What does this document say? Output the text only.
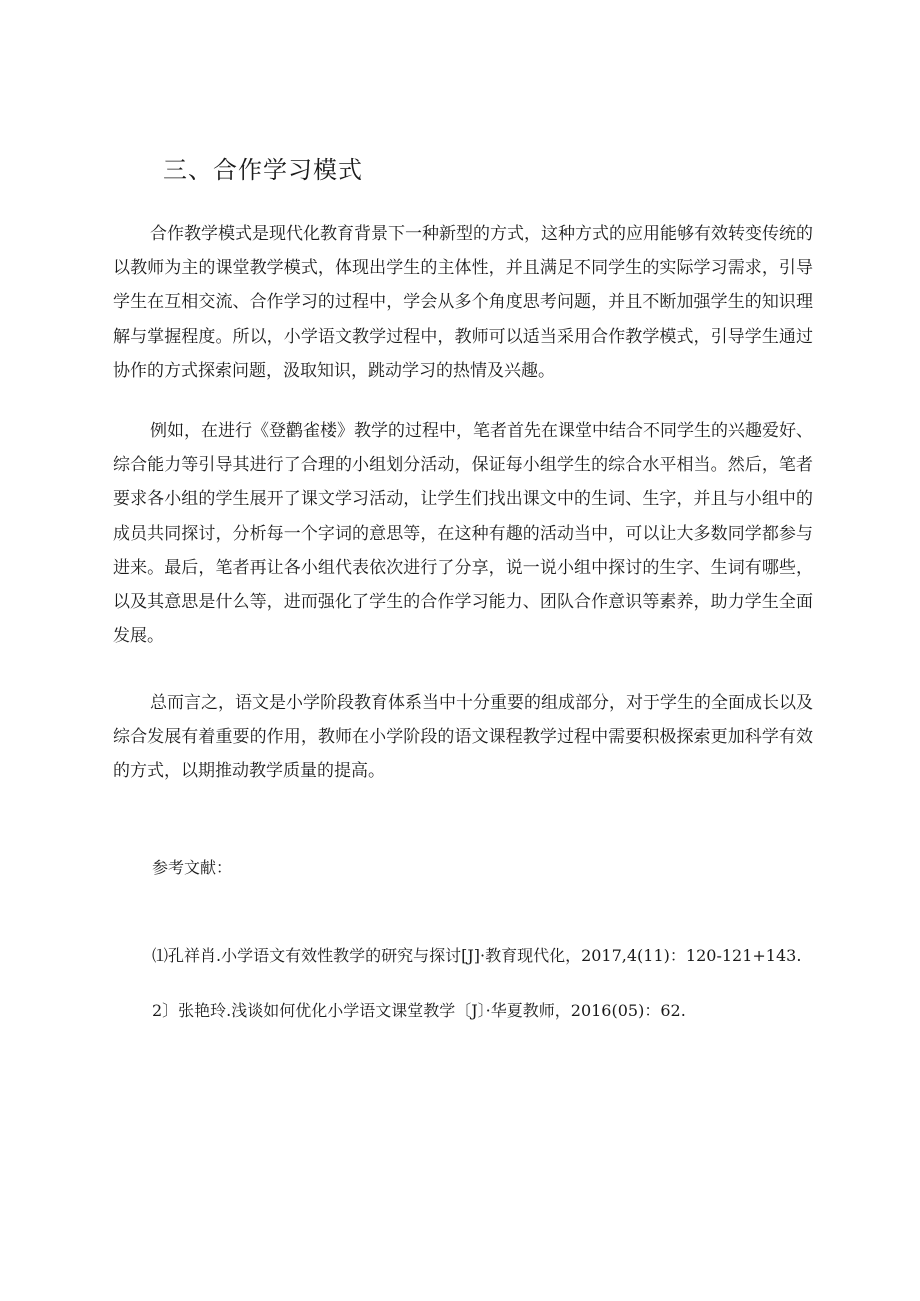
三、合作学习模式

合作教学模式是现代化教育背景下一种新型的方式，这种方式的应用能够有效转变传统的以教师为主的课堂教学模式，体现出学生的主体性，并且满足不同学生的实际学习需求，引导学生在互相交流、合作学习的过程中，学会从多个角度思考问题，并且不断加强学生的知识理解与掌握程度。所以，小学语文教学过程中，教师可以适当采用合作教学模式，引导学生通过协作的方式探索问题，汲取知识，跳动学习的热情及兴趣。

例如，在进行《登鹳雀楼》教学的过程中，笔者首先在课堂中结合不同学生的兴趣爱好、综合能力等引导其进行了合理的小组划分活动，保证每小组学生的综合水平相当。然后，笔者要求各小组的学生展开了课文学习活动，让学生们找出课文中的生词、生字，并且与小组中的成员共同探讨，分析每一个字词的意思等，在这种有趣的活动当中，可以让大多数同学都参与进来。最后，笔者再让各小组代表依次进行了分享，说一说小组中探讨的生字、生词有哪些，以及其意思是什么等，进而强化了学生的合作学习能力、团队合作意识等素养，助力学生全面发展。

总而言之，语文是小学阶段教育体系当中十分重要的组成部分，对于学生的全面成长以及综合发展有着重要的作用，教师在小学阶段的语文课程教学过程中需要积极探索更加科学有效的方式，以期推动教学质量的提高。

参考文献：
⑴孔祥肖.小学语文有效性教学的研究与探讨[J]·教育现代化，2017,4(11)：120-121+143.
2〕张艳玲.浅谈如何优化小学语文课堂教学〔J〕·华夏教师，2016(05)：62.
